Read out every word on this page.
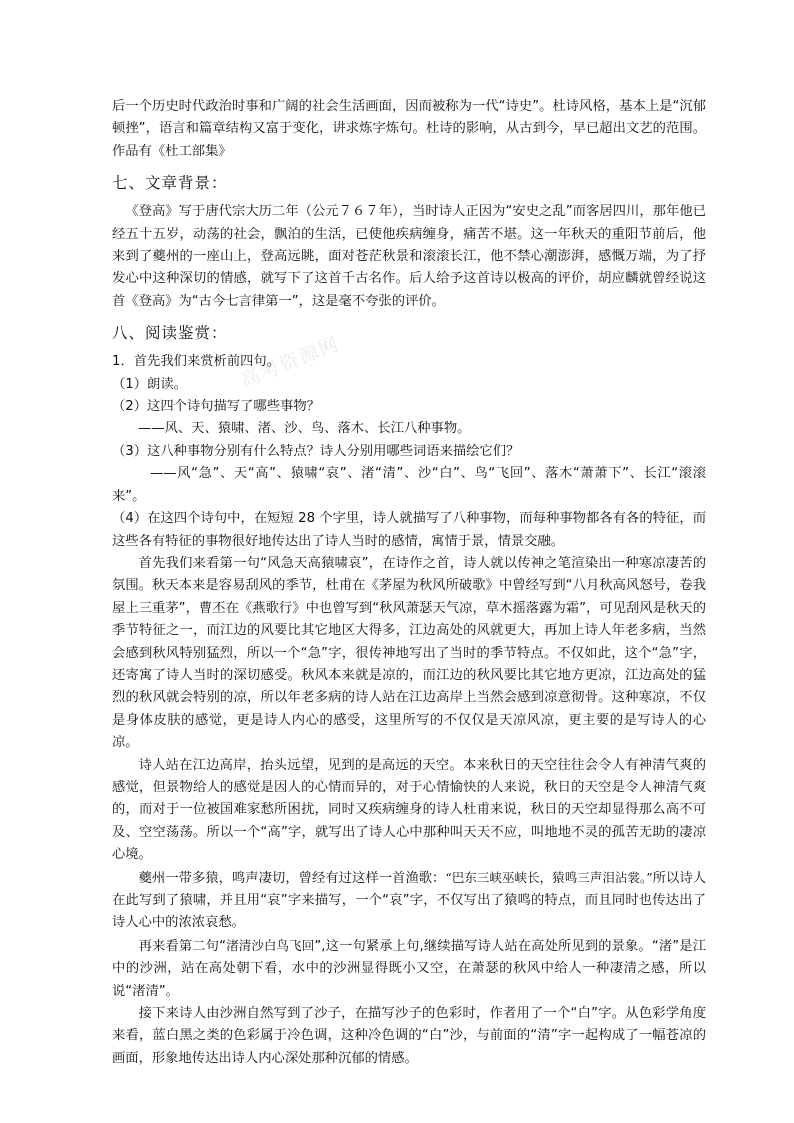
高考资源网

后一个历史时代政治时事和广阔的社会生活画面，因而被称为一代“诗史”。杜诗风格，基本上是“沉郁顿挫”，语言和篇章结构又富于变化，讲求炼字炼句。杜诗的影响，从古到今，早已超出文艺的范围。作品有《杜工部集》

七、文章背景：

《登高》写于唐代宗大历二年（公元７６７年），当时诗人正因为“安史之乱”而客居四川，那年他已经五十五岁，动荡的社会，飘泊的生活，已使他疾病缠身，痛苦不堪。这一年秋天的重阳节前后，他来到了夔州的一座山上，登高远眺，面对苍茫秋景和滚滚长江，他不禁心潮澎湃，感慨万端，为了抒发心中这种深切的情感，就写下了这首千古名作。后人给予这首诗以极高的评价，胡应麟就曾经说这首《登高》为“古今七言律第一”，这是毫不夸张的评价。

八、阅读鉴赏：

1．首先我们来赏析前四句。

（1）朗读。

（2）这四个诗句描写了哪些事物？

——风、天、猿啸、渚、沙、鸟、落木、长江八种事物。

（3）这八种事物分别有什么特点？诗人分别用哪些词语来描绘它们？

——风“急”、天“高”、猿啸“哀”、渚“清”、沙“白”、鸟“飞回”、落木“萧萧下”、长江“滚滚来”。

（4）在这四个诗句中，在短短 28 个字里，诗人就描写了八种事物，而每种事物都各有各的特征，而这些各有特征的事物很好地传达出了诗人当时的感情，寓情于景，情景交融。

首先我们来看第一句“风急天高猿啸哀”，在诗作之首，诗人就以传神之笔渲染出一种寒凉凄苦的氛围。秋天本来是容易刮风的季节，杜甫在《茅屋为秋风所破歌》中曾经写到“八月秋高风怒号，卷我屋上三重茅”，曹丕在《燕歌行》中也曾写到“秋风萧瑟天气凉，草木摇落露为霜”，可见刮风是秋天的季节特征之一，而江边的风要比其它地区大得多，江边高处的风就更大，再加上诗人年老多病，当然会感到秋风特别猛烈，所以一个“急”字，很传神地写出了当时的季节特点。不仅如此，这个“急”字，还寄寓了诗人当时的深切感受。秋风本来就是凉的，而江边的秋风要比其它地方更凉，江边高处的猛烈的秋风就会特别的凉，所以年老多病的诗人站在江边高岸上当然会感到凉意彻骨。这种寒凉，不仅是身体皮肤的感觉，更是诗人内心的感受，这里所写的不仅仅是天凉风凉，更主要的是写诗人的心凉。

诗人站在江边高岸，抬头远望，见到的是高远的天空。本来秋日的天空往往会令人有神清气爽的感觉，但景物给人的感觉是因人的心情而异的，对于心情愉快的人来说，秋日的天空是令人神清气爽的，而对于一位被国难家愁所困扰，同时又疾病缠身的诗人杜甫来说，秋日的天空却显得那么高不可及、空空荡荡。所以一个“高”字，就写出了诗人心中那种叫天天不应，叫地地不灵的孤苦无助的凄凉心境。

夔州一带多猿，鸣声凄切，曾经有过这样一首渔歌：“巴东三峡巫峡长，猿鸣三声泪沾裳。”所以诗人在此写到了猿啸，并且用“哀”字来描写，一个“哀”字，不仅写出了猿鸣的特点，而且同时也传达出了诗人心中的浓浓哀愁。

再来看第二句“渚清沙白鸟飞回”,这一句紧承上句,继续描写诗人站在高处所见到的景象。“渚”是江中的沙洲，站在高处朝下看，水中的沙洲显得既小又空，在萧瑟的秋风中给人一种凄清之感，所以说“渚清”。

接下来诗人由沙洲自然写到了沙子，在描写沙子的色彩时，作者用了一个“白”字。从色彩学角度来看，蓝白黑之类的色彩属于冷色调，这种冷色调的“白”沙，与前面的“清”字一起构成了一幅苍凉的画面，形象地传达出诗人内心深处那种沉郁的情感。
